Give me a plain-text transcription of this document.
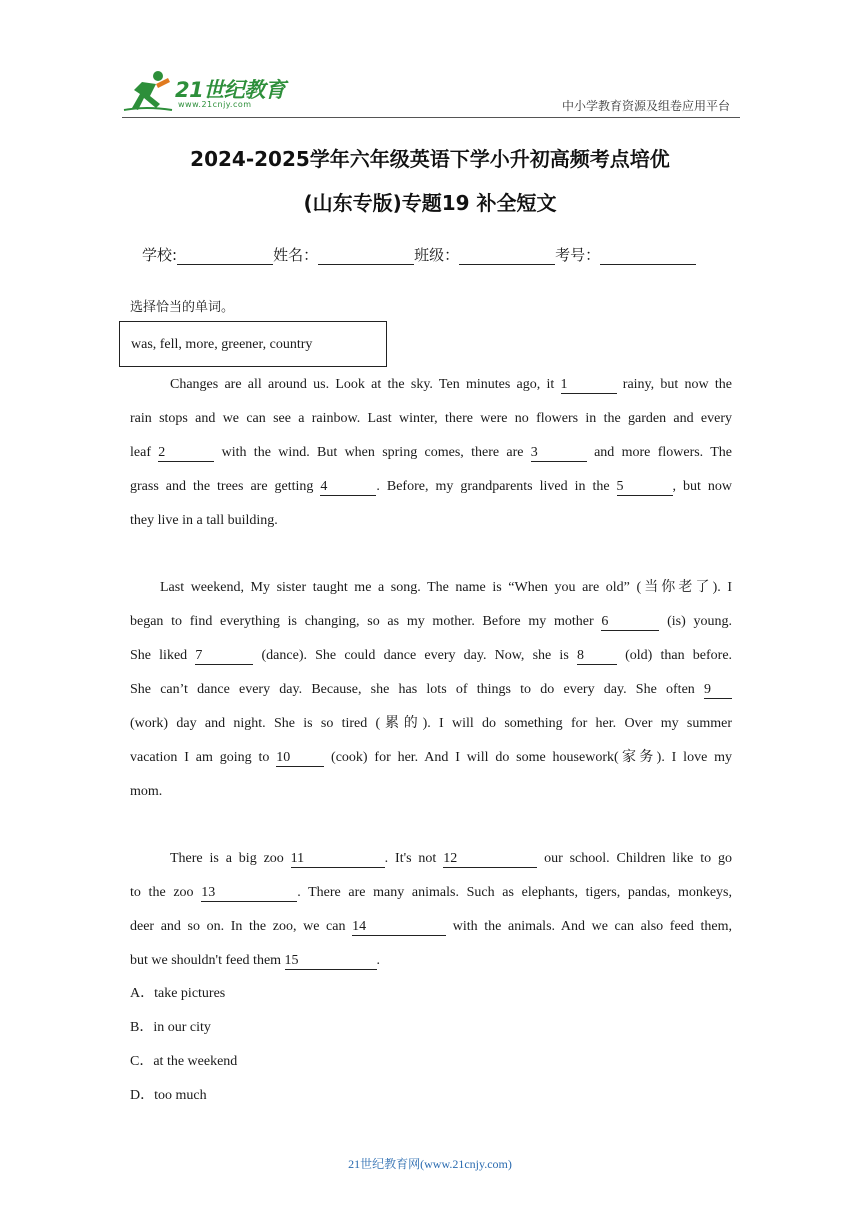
21世纪教育
www.21cnjy.com	中小学教育资源及组卷应用平台
2024-2025学年六年级英语下学小升初高频考点培优
(山东专版)专题19 补全短文
学校:	姓名：	班级：	考号：
选择恰当的单词。
was, fell, more, greener, country
Changes are all around us. Look at the sky. Ten minutes ago, it 1	rainy, but now the
rain stops and we can see a rainbow. Last winter, there were no flowers in the garden and every
leaf 2	with the wind. But when spring comes, there are 3	and more flowers. The
grass and the trees are getting 4	. Before, my grandparents lived in the 5	, but now
they live in a tall building.
Last weekend, My sister taught me a song. The name is “When you are old” (当你老了). I
began to find everything is changing, so as my mother. Before my mother 6	(is) young.
She liked 7	(dance). She could dance every day. Now, she is 8	(old) than before.
She can’t dance every day. Because, she has lots of things to do every day. She often 9
(work) day and night. She is so tired (累的). I will do something for her. Over my summer
vacation I am going to 10	(cook) for her. And I will do some housework(家务). I love my
mom.
There is a big zoo 11	. It's not 12	our school. Children like to go
to the zoo 13	. There are many animals. Such as elephants, tigers, pandas, monkeys,
deer and so on. In the zoo, we can 14	with the animals. And we can also feed them,
but we shouldn't feed them 15	.
A．take pictures
B．in our city
C．at the weekend
D．too much
21世纪教育网(www.21cnjy.com)
